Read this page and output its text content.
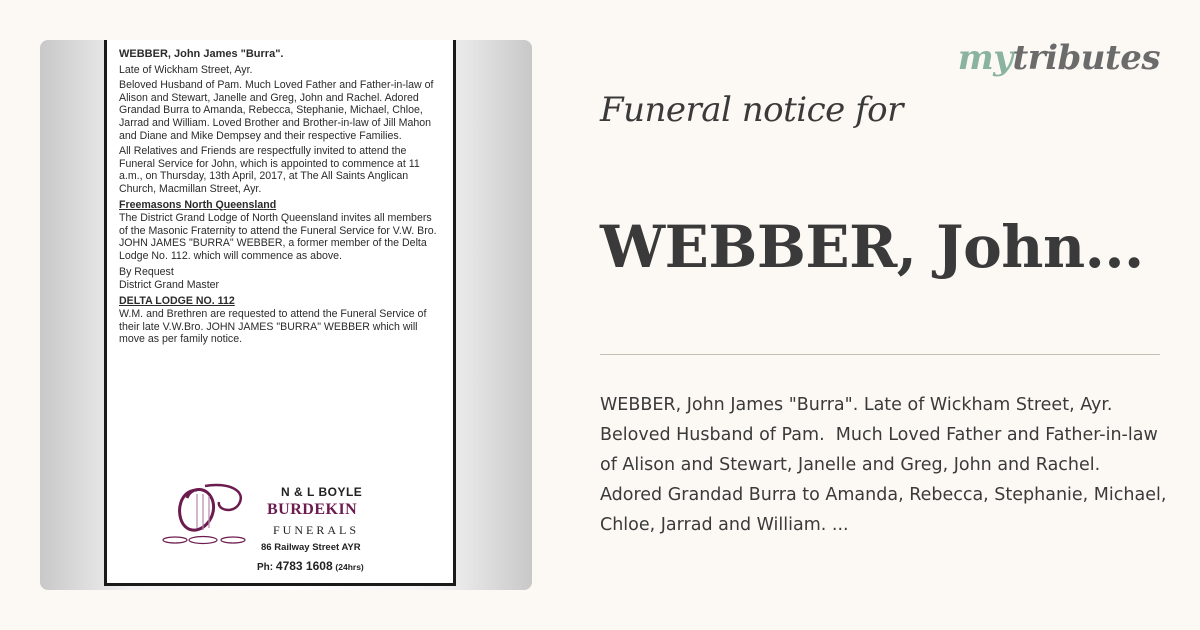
WEBBER, John James "Burra".

Late of Wickham Street, Ayr.

Beloved Husband of Pam. Much Loved Father and Father-in-law of Alison and Stewart, Janelle and Greg, John and Rachel. Adored Grandad Burra to Amanda, Rebecca, Stephanie, Michael, Chloe, Jarrad and William. Loved Brother and Brother-in-law of Jill Mahon and Diane and Mike Dempsey and their respective Families.

All Relatives and Friends are respectfully invited to attend the Funeral Service for John, which is appointed to commence at 11 a.m., on Thursday, 13th April, 2017, at The All Saints Anglican Church, Macmillan Street, Ayr.

Freemasons North Queensland

The District Grand Lodge of North Queensland invites all members of the Masonic Fraternity to attend the Funeral Service for V.W. Bro. JOHN JAMES "BURRA" WEBBER, a former member of the Delta Lodge No. 112. which will commence as above.

By Request

District Grand Master

DELTA LODGE NO. 112

W.M. and Brethren are requested to attend the Funeral Service of their late V.W.Bro. JOHN JAMES "BURRA" WEBBER which will move as per family notice.

N & L BOYLE
BURDEKIN
FUNERALS
86 Railway Street AYR
Ph: 4783 1608 (24hrs)
mytributes
Funeral notice for
WEBBER, John...
WEBBER, John James "Burra". Late of Wickham Street, Ayr.  Beloved Husband of Pam.  Much Loved Father and Father-in-law of Alison and Stewart, Janelle and Greg, John and Rachel.  Adored Grandad Burra to Amanda, Rebecca, Stephanie, Michael, Chloe, Jarrad and William. ...
